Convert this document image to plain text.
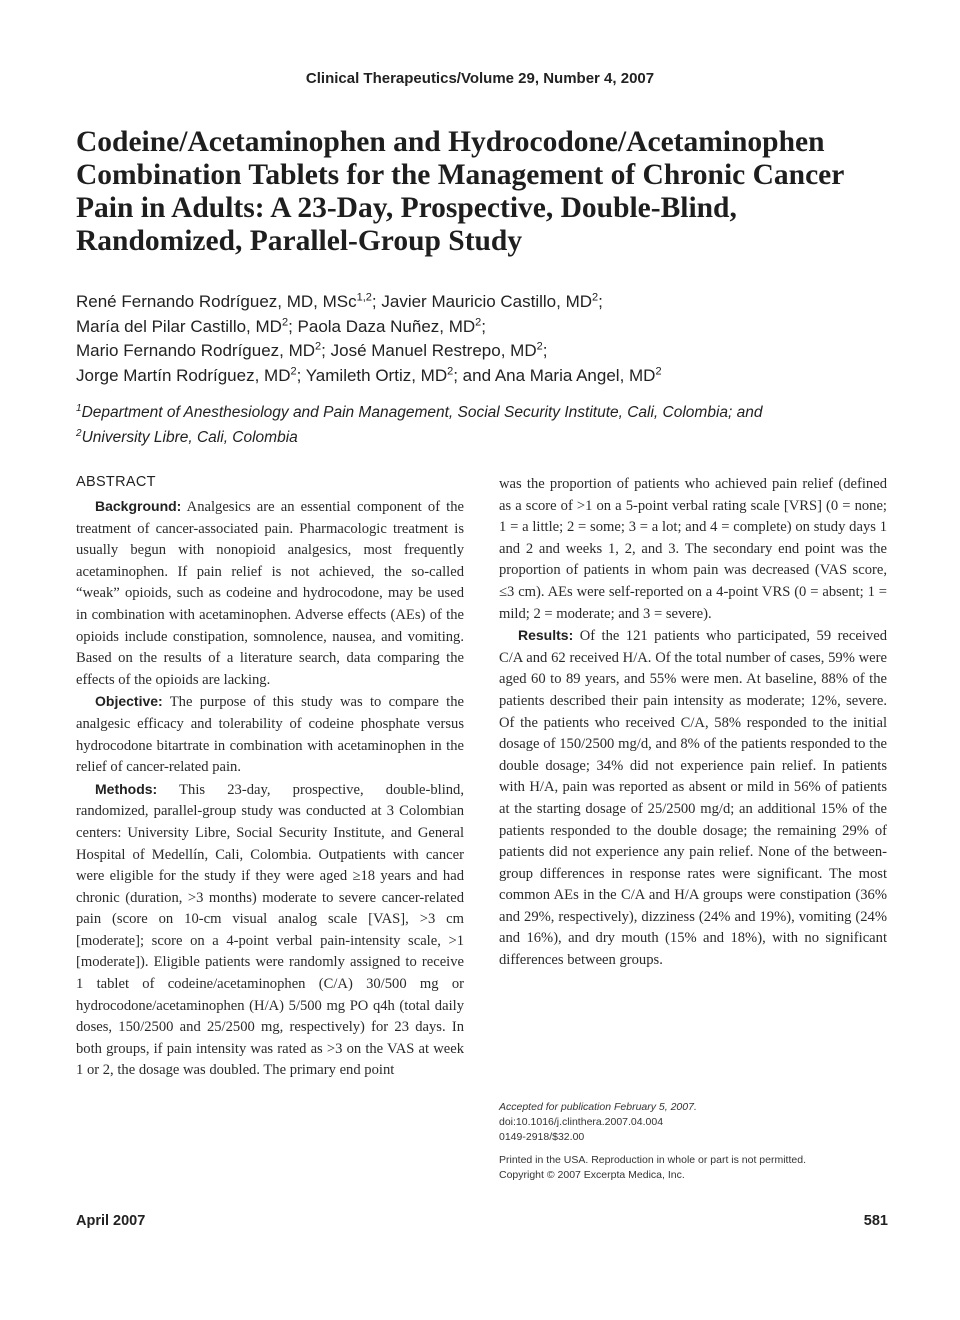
Clinical Therapeutics/Volume 29, Number 4, 2007
Codeine/Acetaminophen and Hydrocodone/Acetaminophen
Combination Tablets for the Management of Chronic Cancer
Pain in Adults: A 23-Day, Prospective, Double-Blind,
Randomized, Parallel-Group Study
René Fernando Rodríguez, MD, MSc$^{1,2}$; Javier Mauricio Castillo, $MD^2$;
María del Pilar Castillo, $MD^2$; Paola Daza Nuñez, $MD^2$;
Mario Fernando Rodríguez, $MD^2$; José Manuel Restrepo, $MD^2$;
Jorge Martín Rodríguez, $MD^2$; Yamileth Ortiz, $MD^2$; and Ana Maria Angel, $MD^2$
$^1$Department of Anesthesiology and Pain Management, Social Security Institute, Cali, Colombia; and
$^2$University Libre, Cali, Colombia
ABSTRACT

Background: Analgesics are an essential component of the treatment of cancer-associated pain. Pharmacologic treatment is usually begun with nonopioid analgesics, most frequently acetaminophen. If pain relief is not achieved, the so-called “weak” opioids, such as codeine and hydrocodone, may be used in combination with acetaminophen. Adverse effects (AEs) of the opioids include constipation, somnolence, nausea, and vomiting. Based on the results of a literature search, data comparing the effects of the opioids are lacking.

Objective: The purpose of this study was to compare the analgesic efficacy and tolerability of codeine phosphate versus hydrocodone bitartrate in combination with acetaminophen in the relief of cancer-related pain.

Methods: This 23-day, prospective, double-blind, randomized, parallel-group study was conducted at 3 Colombian centers: University Libre, Social Security Institute, and General Hospital of Medellín, Cali, Colombia. Outpatients with cancer were eligible for the study if they were aged ≥18 years and had chronic (duration, >3 months) moderate to severe cancer-related pain (score on 10-cm visual analog scale [VAS], >3 cm [moderate]; score on a 4-point verbal pain-intensity scale, >1 [moderate]). Eligible patients were randomly assigned to receive 1 tablet of codeine/acetaminophen (C/A) 30/500 mg or hydrocodone/acetaminophen (H/A) 5/500 mg PO q4h (total daily doses, 150/2500 and 25/2500 mg, respectively) for 23 days. In both groups, if pain intensity was rated as >3 on the VAS at week 1 or 2, the dosage was doubled. The primary end point

was the proportion of patients who achieved pain relief (defined as a score of >1 on a 5-point verbal rating scale [VRS] (0 = none; 1 = a little; 2 = some; 3 = a lot; and 4 = complete) on study days 1 and 2 and weeks 1, 2, and 3. The secondary end point was the proportion of patients in whom pain was decreased (VAS score, ≤3 cm). AEs were self-reported on a 4-point VRS (0 = absent; 1 = mild; 2 = moderate; and 3 = severe).

Results: Of the 121 patients who participated, 59 received C/A and 62 received H/A. Of the total number of cases, 59% were aged 60 to 89 years, and 55% were men. At baseline, 88% of the patients described their pain intensity as moderate; 12%, severe. Of the patients who received C/A, 58% responded to the initial dosage of 150/2500 mg/d, and 8% of the patients responded to the double dosage; 34% did not experience pain relief. In patients with H/A, pain was reported as absent or mild in 56% of patients at the starting dosage of 25/2500 mg/d; an additional 15% of the patients responded to the double dosage; the remaining 29% of patients did not experience any pain relief. None of the between-group differences in response rates were significant. The most common AEs in the C/A and H/A groups were constipation (36% and 29%, respectively), dizziness (24% and 19%), vomiting (24% and 16%), and dry mouth (15% and 18%), with no significant differences between groups.

Accepted for publication February 5, 2007.
doi:10.1016/j.clinthera.2007.04.004
0149-2918/$32.00
Printed in the USA. Reproduction in whole or part is not permitted.
Copyright © 2007 Excerpta Medica, Inc.
April 2007	581
